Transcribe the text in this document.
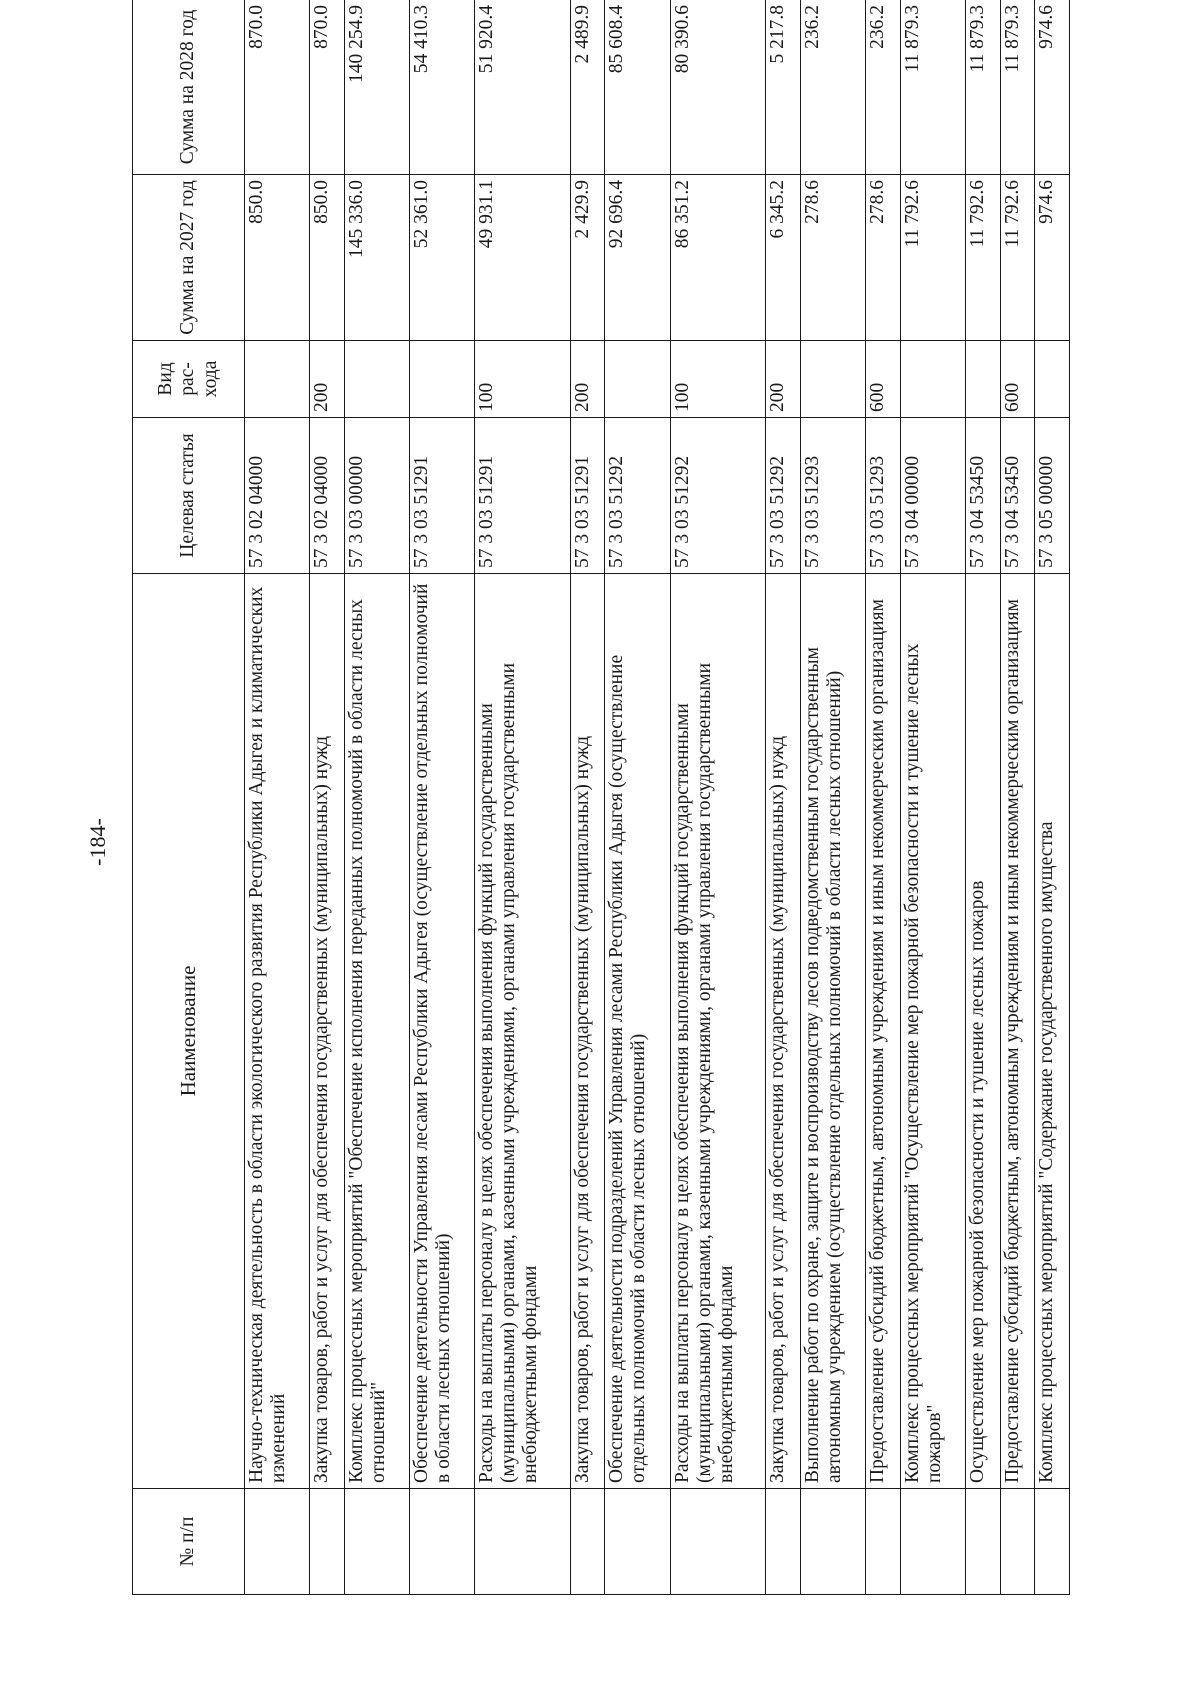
-184-
№ п/п	Наименование	Целевая статья	Вид рас-хода	Сумма на 2027 год	Сумма на 2028 год
	Научно-техническая деятельность в области экологического развития Республики Адыгея и климатических изменений	57 3 02 04000		850.0	870.0
	Закупка товаров, работ и услуг для обеспечения государственных (муниципальных) нужд	57 3 02 04000	200	850.0	870.0
	Комплекс процессных мероприятий "Обеспечение исполнения переданных полномочий в области лесных отношений"	57 3 03 00000		145 336.0	140 254.9
	Обеспечение деятельности Управления лесами Республики Адыгея (осуществление отдельных полномочий в области лесных отношений)	57 3 03 51291		52 361.0	54 410.3
	Расходы на выплаты персоналу в целях обеспечения выполнения функций государственными (муниципальными) органами, казенными учреждениями, органами управления государственными внебюджетными фондами	57 3 03 51291	100	49 931.1	51 920.4
	Закупка товаров, работ и услуг для обеспечения государственных (муниципальных) нужд	57 3 03 51291	200	2 429.9	2 489.9
	Обеспечение деятельности подразделений Управления лесами Республики Адыгея (осуществление отдельных полномочий в области лесных отношений)	57 3 03 51292		92 696.4	85 608.4
	Расходы на выплаты персоналу в целях обеспечения выполнения функций государственными (муниципальными) органами, казенными учреждениями, органами управления государственными внебюджетными фондами	57 3 03 51292	100	86 351.2	80 390.6
	Закупка товаров, работ и услуг для обеспечения государственных (муниципальных) нужд	57 3 03 51292	200	6 345.2	5 217.8
	Выполнение работ по охране, защите и воспроизводству лесов подведомственным государственным автономным учреждением (осуществление отдельных полномочий в области лесных отношений)	57 3 03 51293		278.6	236.2
	Предоставление субсидий бюджетным, автономным учреждениям и иным некоммерческим организациям	57 3 03 51293	600	278.6	236.2
	Комплекс процессных мероприятий "Осуществление мер пожарной безопасности и тушение лесных пожаров"	57 3 04 00000		11 792.6	11 879.3
	Осуществление мер пожарной безопасности и тушение лесных пожаров	57 3 04 53450		11 792.6	11 879.3
	Предоставление субсидий бюджетным, автономным учреждениям и иным некоммерческим организациям	57 3 04 53450	600	11 792.6	11 879.3
	Комплекс процессных мероприятий "Содержание государственного имущества	57 3 05 00000		974.6	974.6
